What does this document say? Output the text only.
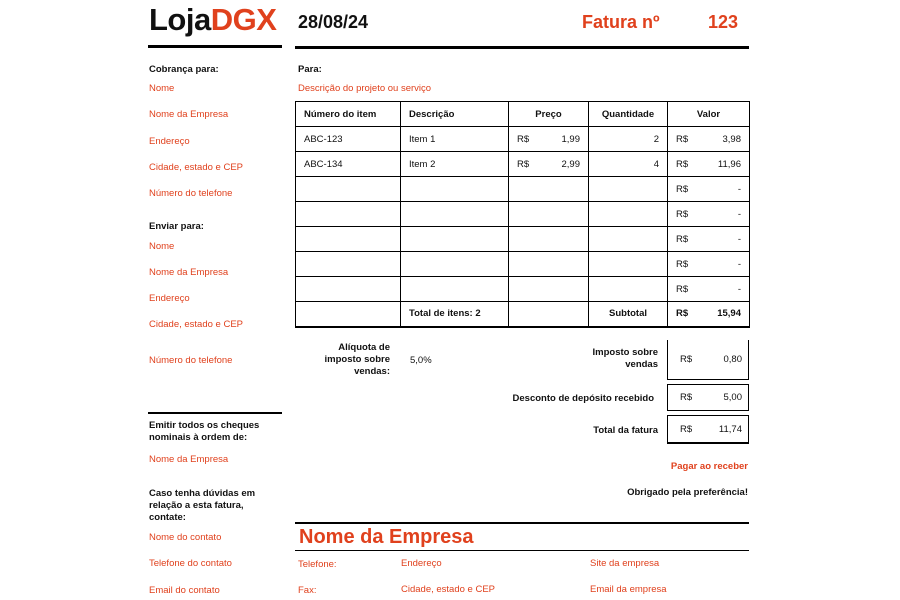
LojaDGX 28/08/24	Fatura nº	123
Cobrança para:
Nome
Nome da Empresa
Endereço
Cidade, estado e CEP
Número do telefone
Enviar para:
Nome
Nome da Empresa
Endereço
Cidade, estado e CEP
Número do telefone
Emitir todos os cheques nominais à ordem de:
Nome da Empresa
Caso tenha dúvidas em relação a esta fatura, contate:
Nome do contato
Telefone do contato
Email do contato
Para:
Descrição do projeto ou serviço
Número do item	Descrição	Preço	Quantidade	Valor
ABC-123	Item 1	R$ 1,99	2	R$ 3,98

ABC-134	Item 2	R$ 2,99	4	R$ 11,96

				R$ -

				R$ -

				R$ -

				R$ -

				R$ -

	Total de itens: 2		Subtotal	R$ 15,94
Alíquota de imposto sobre vendas:
5,0%
Imposto sobre vendas R$	0,80
Desconto de depósito recebido	R$	5,00
Total da fatura R$	11,74
Pagar ao receber
Obrigado pela preferência!
Nome da Empresa
Telefone:	Endereço	Site da empresa
Fax:	Cidade, estado e CEP	Email da empresa
